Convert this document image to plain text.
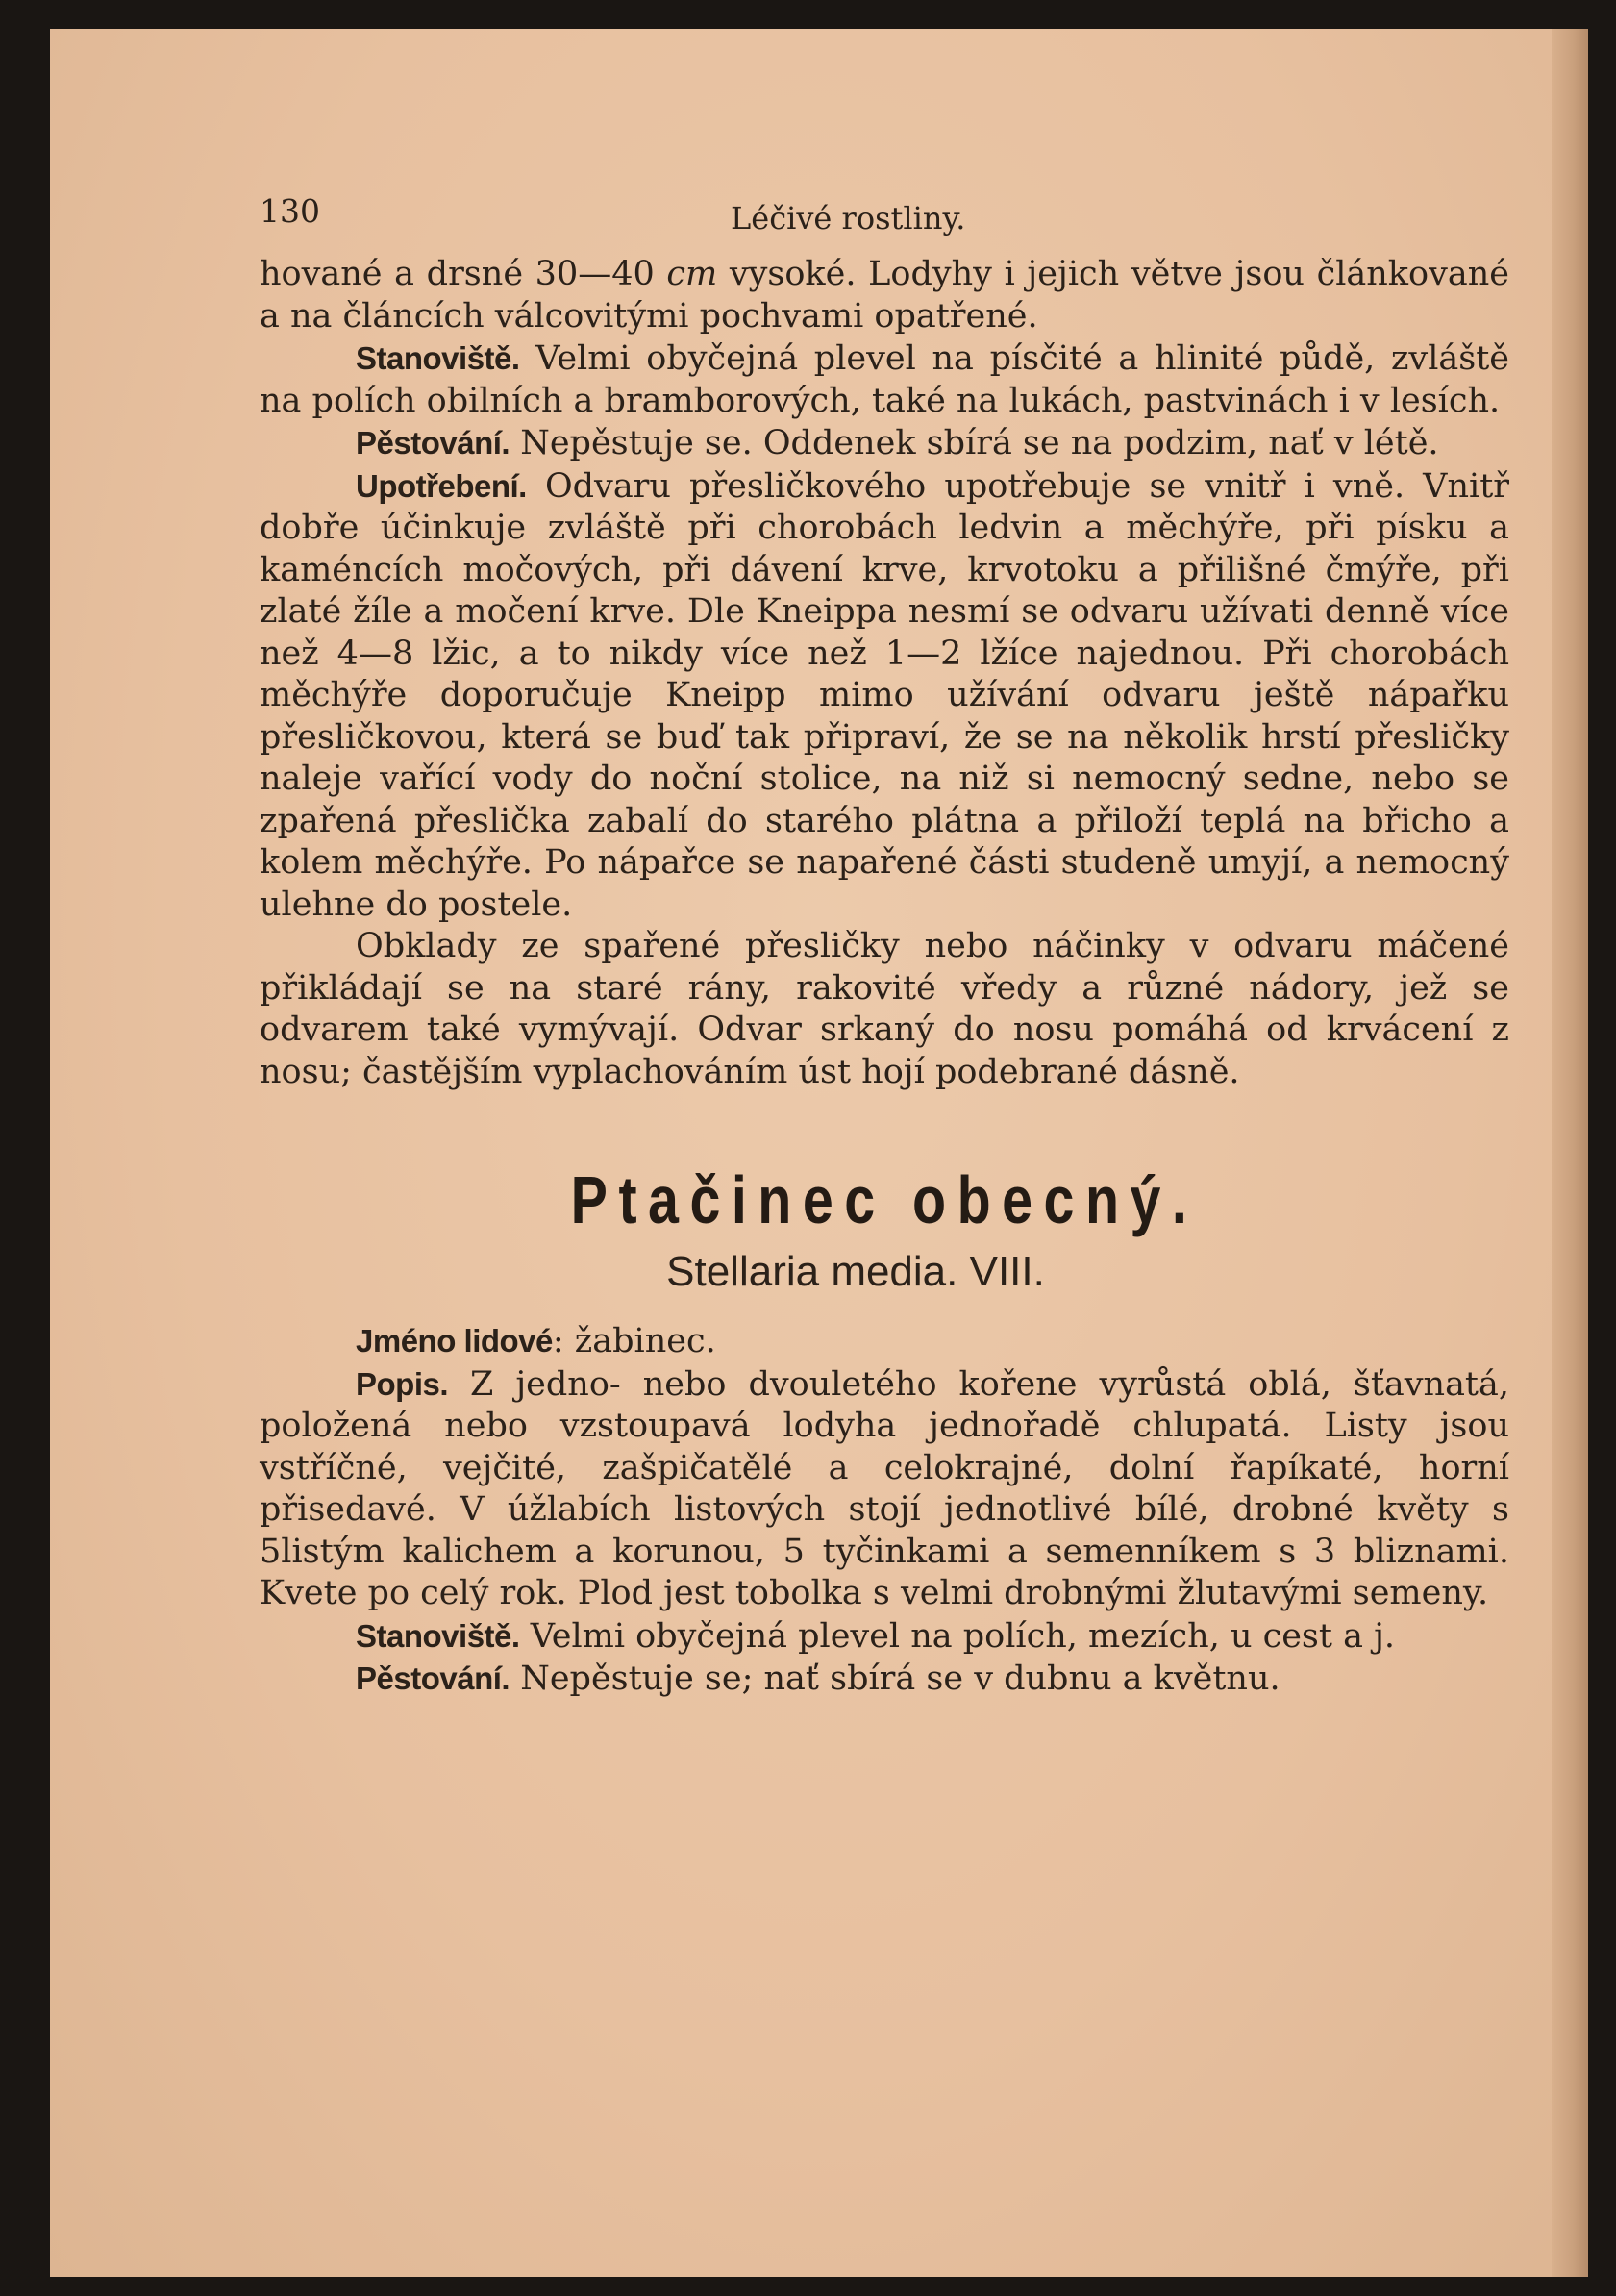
130	Léčivé rostliny.

hované a drsné 30—40 cm vysoké. Lodyhy i jejich větve jsou článkované a na článcích válcovitými pochvami opatřené.

Stanoviště. Velmi obyčejná plevel na písčité a hlinité půdě, zvláště na polích obilních a bramborových, také na lukách, pastvinách i v lesích.

Pěstování. Nepěstuje se. Oddenek sbírá se na podzim, nať v létě.

Upotřebení. Odvaru přesličkového upotřebuje se vnitř i vně. Vnitř dobře účinkuje zvláště při chorobách ledvin a měchýře, při písku a kaméncích močových, při dávení krve, krvotoku a přilišné čmýře, při zlaté žíle a močení krve. Dle Kneippa nesmí se odvaru užívati denně více než 4—8 lžic, a to nikdy více než 1—2 lžíce najednou. Při chorobách měchýře doporučuje Kneipp mimo užívání odvaru ještě nápařku přesličkovou, která se buď tak připraví, že se na několik hrstí přesličky naleje vařící vody do noční stolice, na niž si nemocný sedne, nebo se zpařená přeslička zabalí do starého plátna a přiloží teplá na břicho a kolem měchýře. Po nápařce se napařené části studeně umyjí, a nemocný ulehne do postele.

Obklady ze spařené přesličky nebo náčinky v odvaru máčené přikládají se na staré rány, rakovité vředy a různé nádory, jež se odvarem také vymývají. Odvar srkaný do nosu pomáhá od krvácení z nosu; častějším vyplachováním úst hojí podebrané dásně.

Ptačinec obecný.
Stellaria media. VIII.

Jméno lidové: žabinec.

Popis. Z jedno- nebo dvouletého kořene vyrůstá oblá, šťavnatá, položená nebo vzstoupavá lodyha jednořadě chlupatá. Listy jsou vstříčné, vejčité, zašpičatělé a celokrajné, dolní řapíkaté, horní přisedavé. V úžlabích listových stojí jednotlivé bílé, drobné květy s 5listým kalichem a korunou, 5 tyčinkami a semenníkem s 3 bliznami. Kvete po celý rok. Plod jest tobolka s velmi drobnými žlutavými semeny.

Stanoviště. Velmi obyčejná plevel na polích, mezích, u cest a j.

Pěstování. Nepěstuje se; nať sbírá se v dubnu a květnu.
